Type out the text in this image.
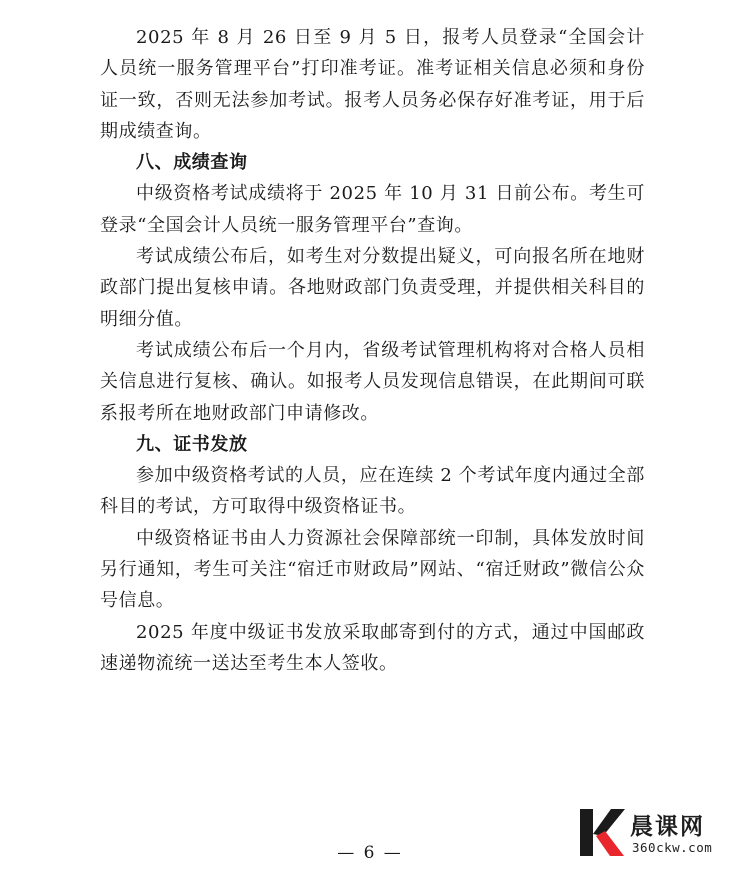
2025 年 8 月 26 日至 9 月 5 日，报考人员登录“全国会计人员统一服务管理平台”打印准考证。准考证相关信息必须和身份证一致，否则无法参加考试。报考人员务必保存好准考证，用于后期成绩查询。

八、成绩查询

中级资格考试成绩将于 2025 年 10 月 31 日前公布。考生可登录“全国会计人员统一服务管理平台”查询。

考试成绩公布后，如考生对分数提出疑义，可向报名所在地财政部门提出复核申请。各地财政部门负责受理，并提供相关科目的明细分值。

考试成绩公布后一个月内，省级考试管理机构将对合格人员相关信息进行复核、确认。如报考人员发现信息错误，在此期间可联系报考所在地财政部门申请修改。

九、证书发放

参加中级资格考试的人员，应在连续 2 个考试年度内通过全部科目的考试，方可取得中级资格证书。

中级资格证书由人力资源社会保障部统一印制，具体发放时间另行通知，考生可关注“宿迁市财政局”网站、“宿迁财政”微信公众号信息。

2025 年度中级证书发放采取邮寄到付的方式，通过中国邮政速递物流统一送达至考生本人签收。

— 6 —
晨课网
360ckw.com
